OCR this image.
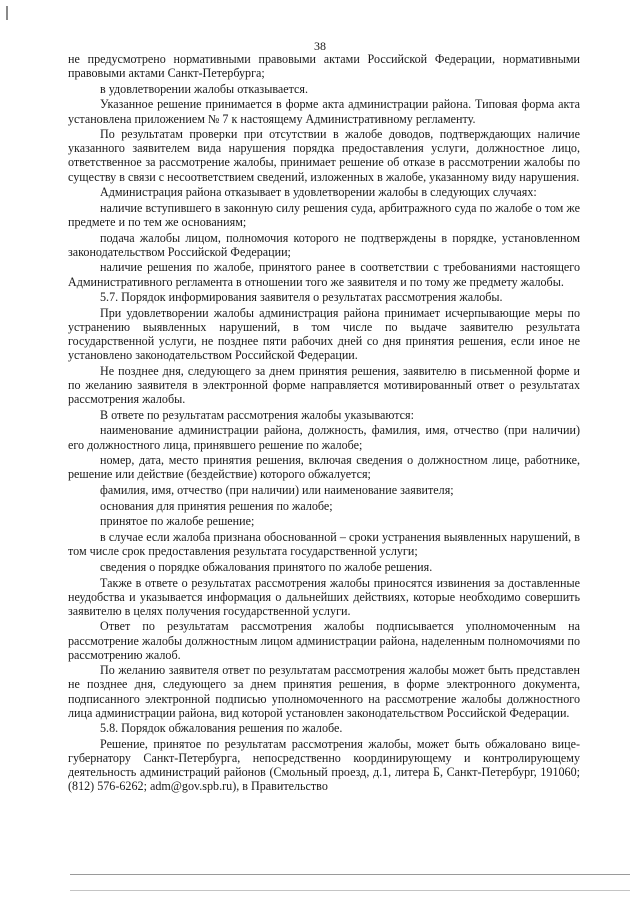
38

не предусмотрено нормативными правовыми актами Российской Федерации, нормативными правовыми актами Санкт-Петербурга;

в удовлетворении жалобы отказывается.

Указанное решение принимается в форме акта администрации района. Типовая форма акта установлена приложением № 7 к настоящему Административному регламенту.

По результатам проверки при отсутствии в жалобе доводов, подтверждающих наличие указанного заявителем вида нарушения порядка предоставления услуги, должностное лицо, ответственное за рассмотрение жалобы, принимает решение об отказе в рассмотрении жалобы по существу в связи с несоответствием сведений, изложенных в жалобе, указанному виду нарушения.

Администрация района отказывает в удовлетворении жалобы в следующих случаях:

наличие вступившего в законную силу решения суда, арбитражного суда по жалобе о том же предмете и по тем же основаниям;

подача жалобы лицом, полномочия которого не подтверждены в порядке, установленном законодательством Российской Федерации;

наличие решения по жалобе, принятого ранее в соответствии с требованиями настоящего Административного регламента в отношении того же заявителя и по тому же предмету жалобы.

5.7. Порядок информирования заявителя о результатах рассмотрения жалобы.

При удовлетворении жалобы администрация района принимает исчерпывающие меры по устранению выявленных нарушений, в том числе по выдаче заявителю результата государственной услуги, не позднее пяти рабочих дней со дня принятия решения, если иное не установлено законодательством Российской Федерации.

Не позднее дня, следующего за днем принятия решения, заявителю в письменной форме и по желанию заявителя в электронной форме направляется мотивированный ответ о результатах рассмотрения жалобы.

В ответе по результатам рассмотрения жалобы указываются:

наименование администрации района, должность, фамилия, имя, отчество (при наличии) его должностного лица, принявшего решение по жалобе;

номер, дата, место принятия решения, включая сведения о должностном лице, работнике, решение или действие (бездействие) которого обжалуется;

фамилия, имя, отчество (при наличии) или наименование заявителя;

основания для принятия решения по жалобе;

принятое по жалобе решение;

в случае если жалоба признана обоснованной – сроки устранения выявленных нарушений, в том числе срок предоставления результата государственной услуги;

сведения о порядке обжалования принятого по жалобе решения.

Также в ответе о результатах рассмотрения жалобы приносятся извинения за доставленные неудобства и указывается информация о дальнейших действиях, которые необходимо совершить заявителю в целях получения государственной услуги.

Ответ по результатам рассмотрения жалобы подписывается уполномоченным на рассмотрение жалобы должностным лицом администрации района, наделенным полномочиями по рассмотрению жалоб.

По желанию заявителя ответ по результатам рассмотрения жалобы может быть представлен не позднее дня, следующего за днем принятия решения, в форме электронного документа, подписанного электронной подписью уполномоченного на рассмотрение жалобы должностного лица администрации района, вид которой установлен законодательством Российской Федерации.

5.8. Порядок обжалования решения по жалобе.

Решение, принятое по результатам рассмотрения жалобы, может быть обжаловано вице-губернатору Санкт-Петербурга, непосредственно координирующему и контролирующему деятельность администраций районов (Смольный проезд, д.1, литера Б, Санкт-Петербург, 191060; (812) 576-6262; adm@gov.spb.ru), в Правительство
